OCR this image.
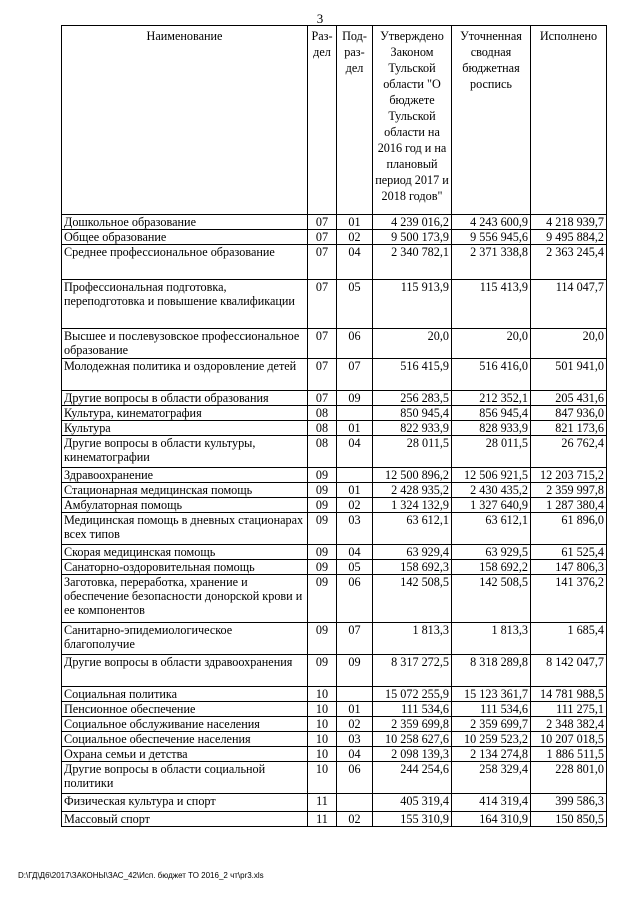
3
Наименование	Раз-дел	Под-раз-дел	Утверждено Законом Тульской области "О бюджете Тульской области на 2016 год и на плановый период 2017 и 2018 годов"	Уточненная сводная бюджетная роспись	Исполнено
Дошкольное образование	07	01	4 239 016,2	4 243 600,9	4 218 939,7
Общее образование	07	02	9 500 173,9	9 556 945,6	9 495 884,2
Среднее профессиональное образование	07	04	2 340 782,1	2 371 338,8	2 363 245,4
Профессиональная подготовка, переподготовка и повышение квалификации	07	05	115 913,9	115 413,9	114 047,7
Высшее и послевузовское профессиональное образование	07	06	20,0	20,0	20,0
Молодежная политика и оздоровление детей	07	07	516 415,9	516 416,0	501 941,0
Другие вопросы в области образования	07	09	256 283,5	212 352,1	205 431,6
Культура, кинематография	08		850 945,4	856 945,4	847 936,0
Культура	08	01	822 933,9	828 933,9	821 173,6
Другие вопросы в области культуры, кинематографии	08	04	28 011,5	28 011,5	26 762,4
Здравоохранение	09		12 500 896,2	12 506 921,5	12 203 715,2
Стационарная медицинская помощь	09	01	2 428 935,2	2 430 435,2	2 359 997,8
Амбулаторная помощь	09	02	1 324 132,9	1 327 640,9	1 287 380,4
Медицинская помощь в дневных стационарах всех типов	09	03	63 612,1	63 612,1	61 896,0
Скорая медицинская помощь	09	04	63 929,4	63 929,5	61 525,4
Санаторно-оздоровительная помощь	09	05	158 692,3	158 692,2	147 806,3
Заготовка, переработка, хранение и обеспечение безопасности донорской крови и ее компонентов	09	06	142 508,5	142 508,5	141 376,2
Санитарно-эпидемиологическое благополучие	09	07	1 813,3	1 813,3	1 685,4
Другие вопросы в области здравоохранения	09	09	8 317 272,5	8 318 289,8	8 142 047,7
Социальная политика	10		15 072 255,9	15 123 361,7	14 781 988,5
Пенсионное обеспечение	10	01	111 534,6	111 534,6	111 275,1
Социальное обслуживание населения	10	02	2 359 699,8	2 359 699,7	2 348 382,4
Социальное обеспечение населения	10	03	10 258 627,6	10 259 523,2	10 207 018,5
Охрана семьи и детства	10	04	2 098 139,3	2 134 274,8	1 886 511,5
Другие вопросы в области социальной политики	10	06	244 254,6	258 329,4	228 801,0
Физическая культура и спорт	11		405 319,4	414 319,4	399 586,3
Массовый спорт	11	02	155 310,9	164 310,9	150 850,5
D:\ГД\Д6\2017\ЗАКОНЫ\ЗАС_42\Исп. бюджет ТО 2016_2 чт\pr3.xls
